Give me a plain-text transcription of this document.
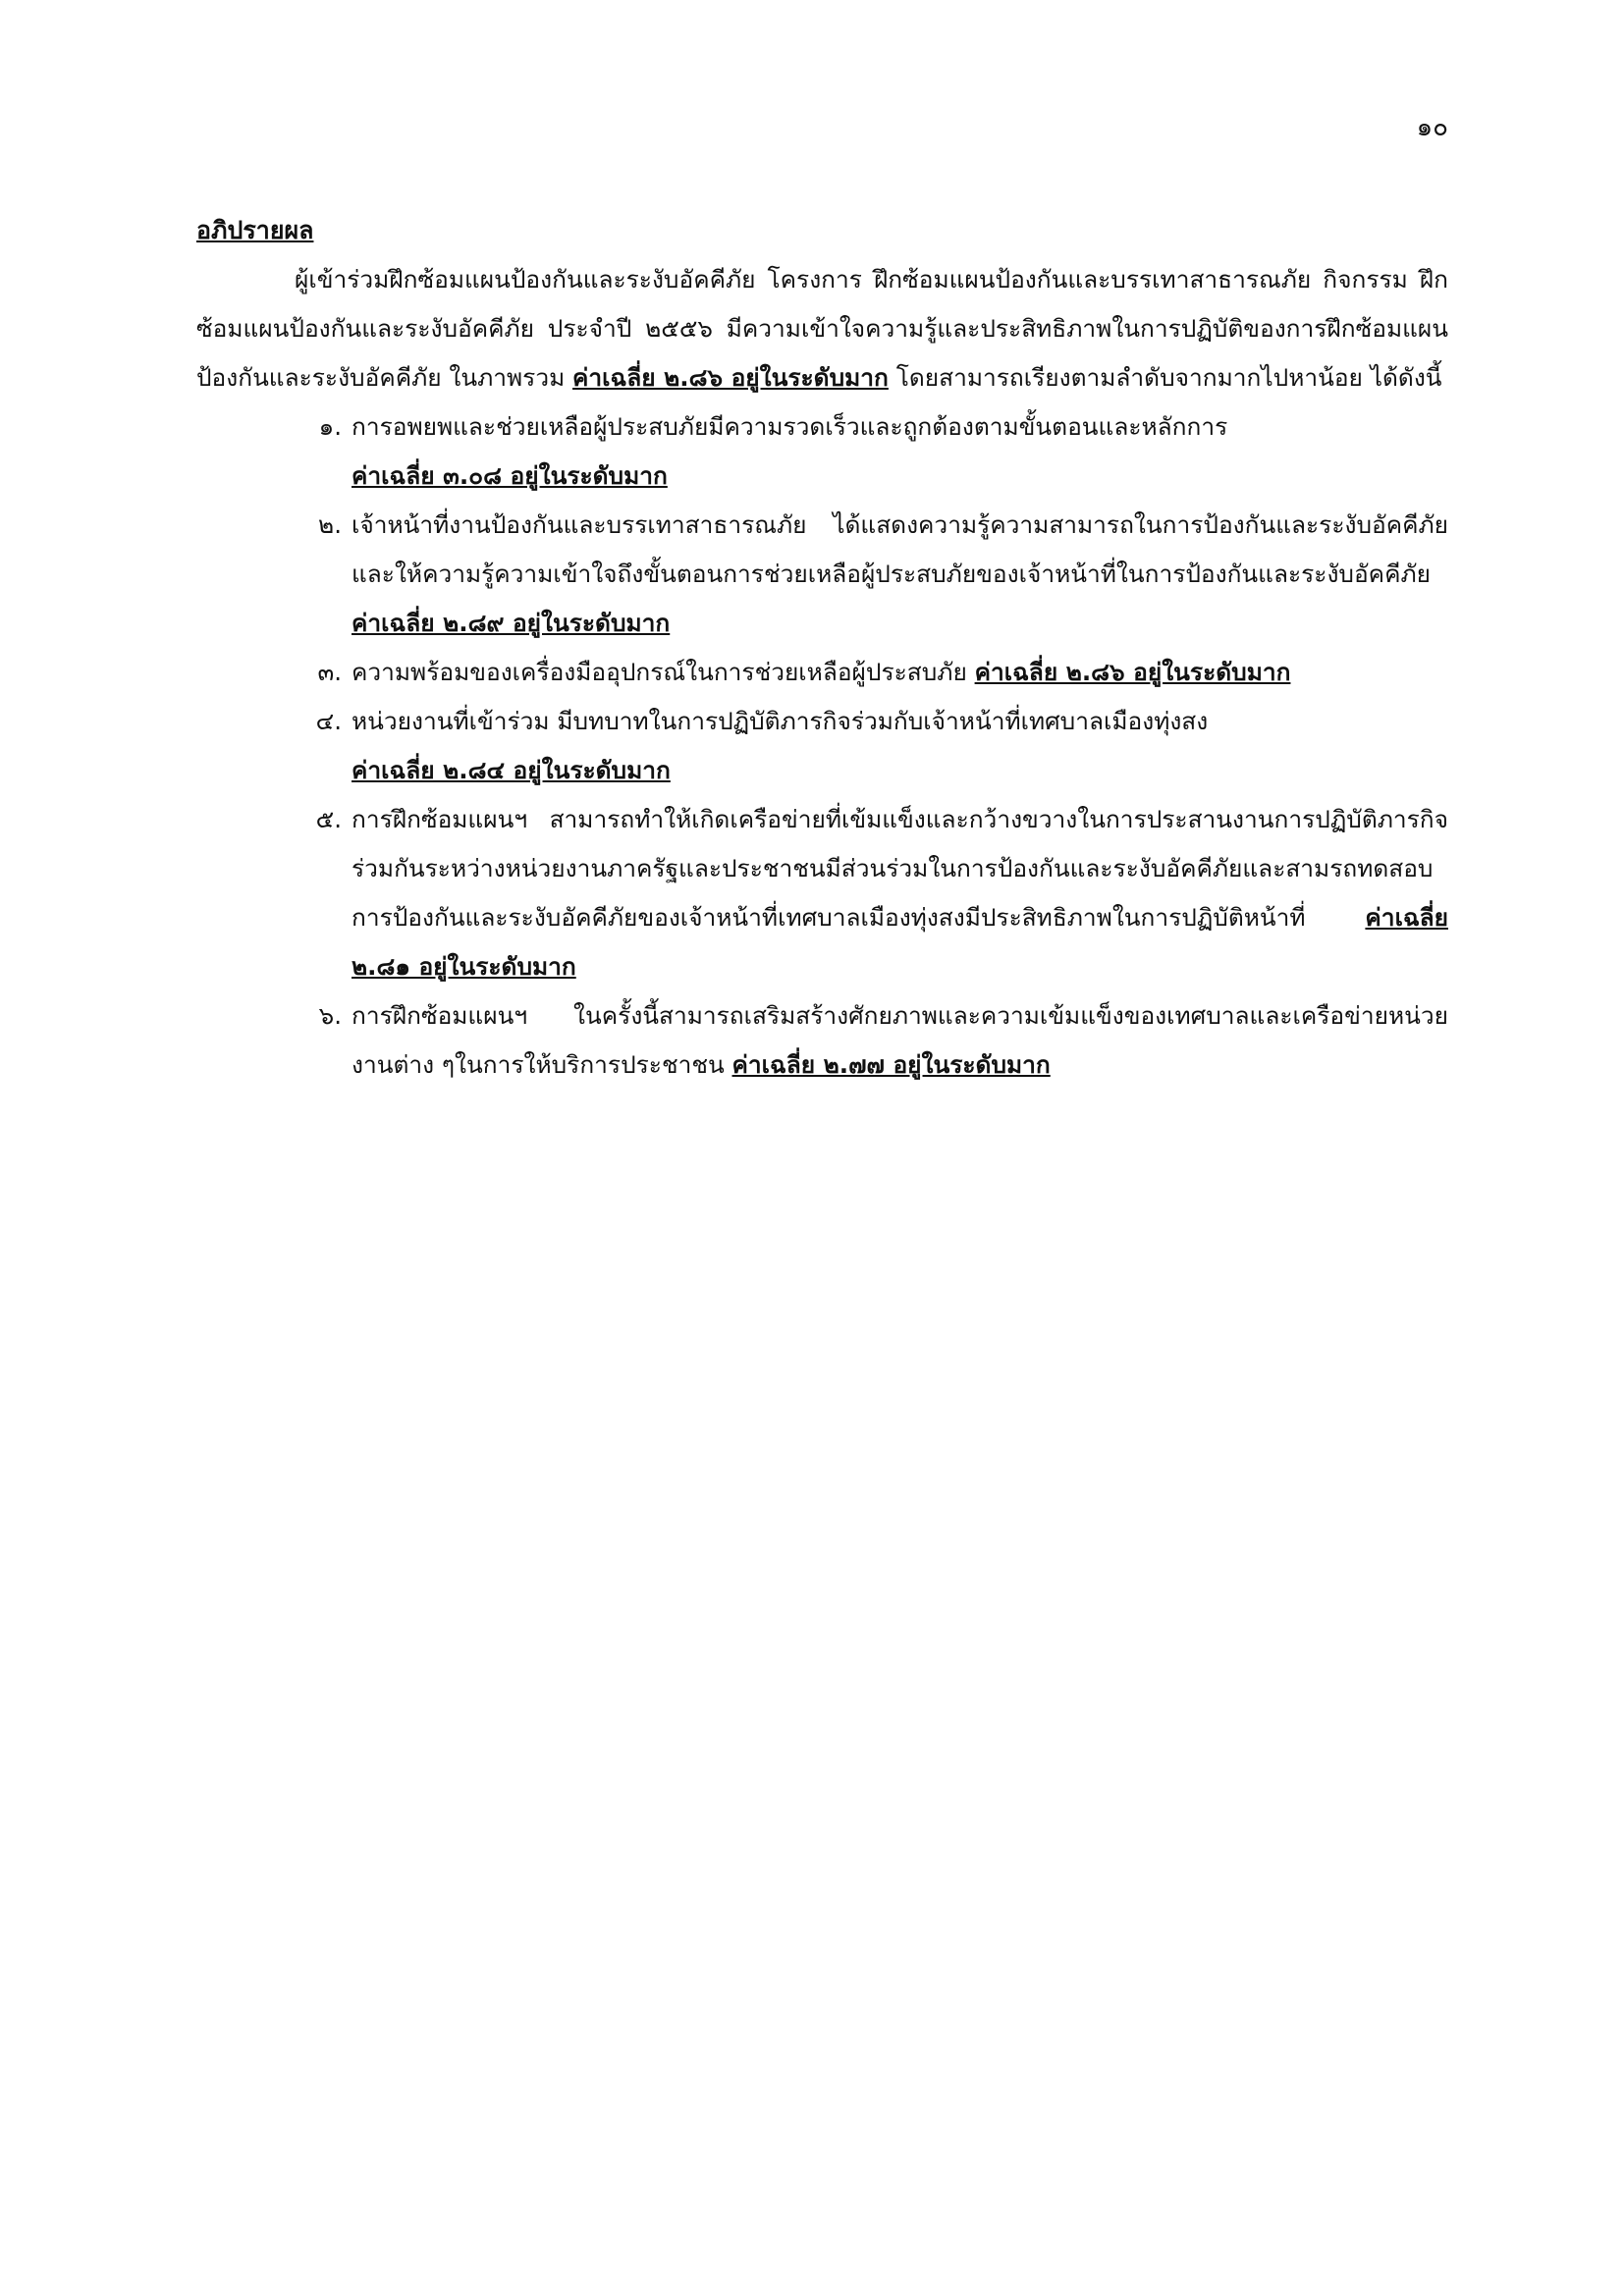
๑๐
อภิปรายผล

ผู้เข้าร่วมฝึกซ้อมแผนป้องกันและระงับอัคคีภัย โครงการ ฝึกซ้อมแผนป้องกันและบรรเทาสาธารณภัย กิจกรรม ฝึกซ้อมแผนป้องกันและระงับอัคคีภัย ประจำปี ๒๕๕๖ มีความเข้าใจความรู้และประสิทธิภาพในการปฏิบัติของการฝึกซ้อมแผนป้องกันและระงับอัคคีภัย ในภาพรวม ค่าเฉลี่ย ๒.๘๖ อยู่ในระดับมาก โดยสามารถเรียงตามลำดับจากมากไปหาน้อย ได้ดังนี้

๑. การอพยพและช่วยเหลือผู้ประสบภัยมีความรวดเร็วและถูกต้องตามขั้นตอนและหลักการ
ค่าเฉลี่ย ๓.๐๘ อยู่ในระดับมาก
๒. เจ้าหน้าที่งานป้องกันและบรรเทาสาธารณภัย ได้แสดงความรู้ความสามารถในการป้องกันและระงับอัคคีภัยและให้ความรู้ความเข้าใจถึงขั้นตอนการช่วยเหลือผู้ประสบภัยของเจ้าหน้าที่ในการป้องกันและระงับอัคคีภัย ค่าเฉลี่ย ๒.๘๙ อยู่ในระดับมาก
๓. ความพร้อมของเครื่องมืออุปกรณ์ในการช่วยเหลือผู้ประสบภัย ค่าเฉลี่ย ๒.๘๖ อยู่ในระดับมาก
๔. หน่วยงานที่เข้าร่วม มีบทบาทในการปฏิบัติภารกิจร่วมกับเจ้าหน้าที่เทศบาลเมืองทุ่งสง
ค่าเฉลี่ย ๒.๘๔ อยู่ในระดับมาก
๕. การฝึกซ้อมแผนฯ สามารถทำให้เกิดเครือข่ายที่เข้มแข็งและกว้างขวางในการประสานงานการปฏิบัติภารกิจร่วมกันระหว่างหน่วยงานภาครัฐและประชาชนมีส่วนร่วมในการป้องกันและระงับอัคคีภัยและสามรถทดสอบการป้องกันและระงับอัคคีภัยของเจ้าหน้าที่เทศบาลเมืองทุ่งสงมีประสิทธิภาพในการปฏิบัติหน้าที่ ค่าเฉลี่ย ๒.๘๑ อยู่ในระดับมาก
๖. การฝึกซ้อมแผนฯ ในครั้งนี้สามารถเสริมสร้างศักยภาพและความเข้มแข็งของเทศบาลและเครือข่ายหน่วยงานต่าง ๆในการให้บริการประชาชน ค่าเฉลี่ย ๒.๗๗ อยู่ในระดับมาก
